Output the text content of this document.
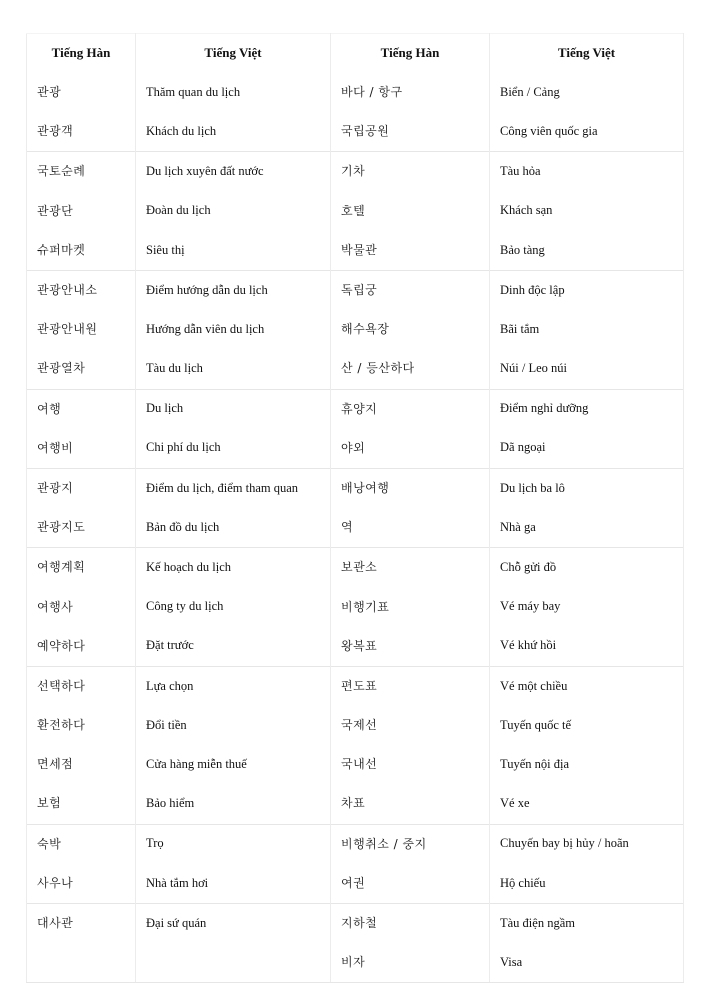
Tiếng Hàn	Tiếng Việt	Tiếng Hàn	Tiếng Việt
관광	Thăm quan du lịch	바다 / 항구	Biển / Cảng
관광객	Khách du lịch	국립공원	Công viên quốc gia
국토순례	Du lịch xuyên đất nước	기차	Tàu hỏa
관광단	Đoàn du lịch	호텔	Khách sạn
슈퍼마켓	Siêu thị	박물관	Bảo tàng
관광안내소	Điểm hướng dẫn du lịch	독립궁	Dinh độc lập
관광안내원	Hướng dẫn viên du lịch	해수욕장	Bãi tắm
관광열차	Tàu du lịch	산 / 등산하다	Núi / Leo núi
여행	Du lịch	휴양지	Điểm nghỉ dưỡng
여행비	Chi phí du lịch	야외	Dã ngoại
관광지	Điểm du lịch, điểm tham quan	배낭여행	Du lịch ba lô
관광지도	Bản đồ du lịch	역	Nhà ga
여행계획	Kế hoạch du lịch	보관소	Chỗ gửi đồ
여행사	Công ty du lịch	비행기표	Vé máy bay
예약하다	Đặt trước	왕복표	Vé khứ hồi
선택하다	Lựa chọn	편도표	Vé một chiều
환전하다	Đổi tiền	국제선	Tuyến quốc tế
면세점	Cửa hàng miễn thuế	국내선	Tuyến nội địa
보험	Bảo hiểm	차표	Vé xe
숙박	Trọ	비행취소 / 중지	Chuyến bay bị hủy / hoãn
사우나	Nhà tắm hơi	여권	Hộ chiếu
대사관	Đại sứ quán	지하철	Tàu điện ngầm
		비자	Visa
